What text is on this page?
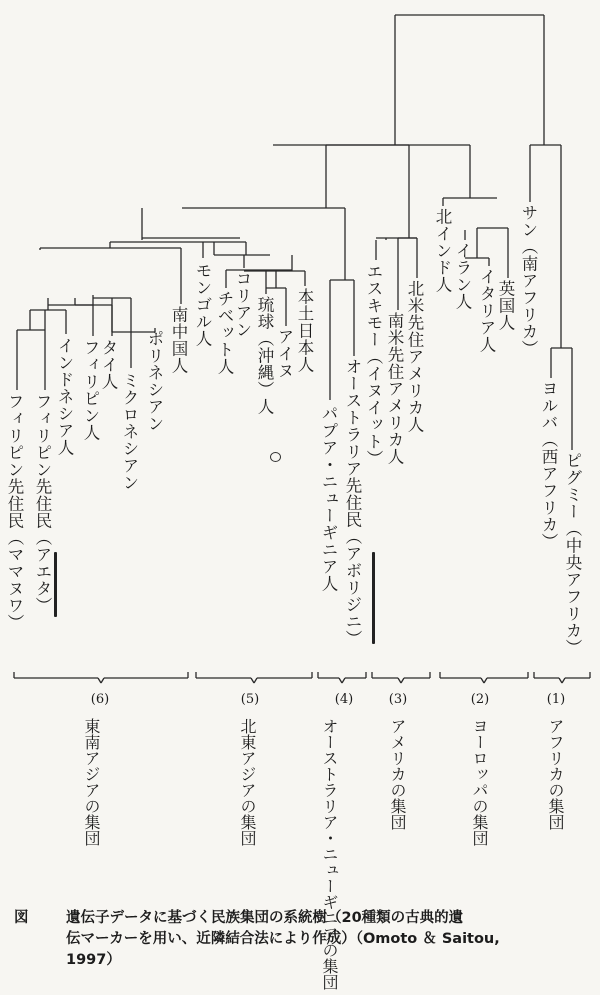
フィリピン先住民（ママヌワ） フィリピン先住民（アエタ） インドネシア人 フィリピン人 タイ人
ミクロネシアン ポリネシアン 南中国人 モンゴル人 チベット人 コリアン 琉球（沖縄）人 アイヌ 本土日本人
パプア・ニューギニア人 オーストラリア先住民（アボリジニ） エスキモー（イヌイット） 南米先住アメリカ人 北米先住アメリカ人
北インド人 イラン人 イタリア人 英国人 サン（南アフリカ）
ヨルバ（西アフリカ） ピグミー（中央アフリカ）
(6)
東南アジアの集団
(5)
北東アジアの集団
(4)
オーストラリア・ニューギニアの集団
(3)
アメリカの集団
(2)
ヨーロッパの集団
(1)
アフリカの集団
図	遺伝子データに基づく民族集団の系統樹（20種類の古典的遺
伝マーカーを用い、近隣結合法により作成）（Omoto ＆ Saitou,
1997）
